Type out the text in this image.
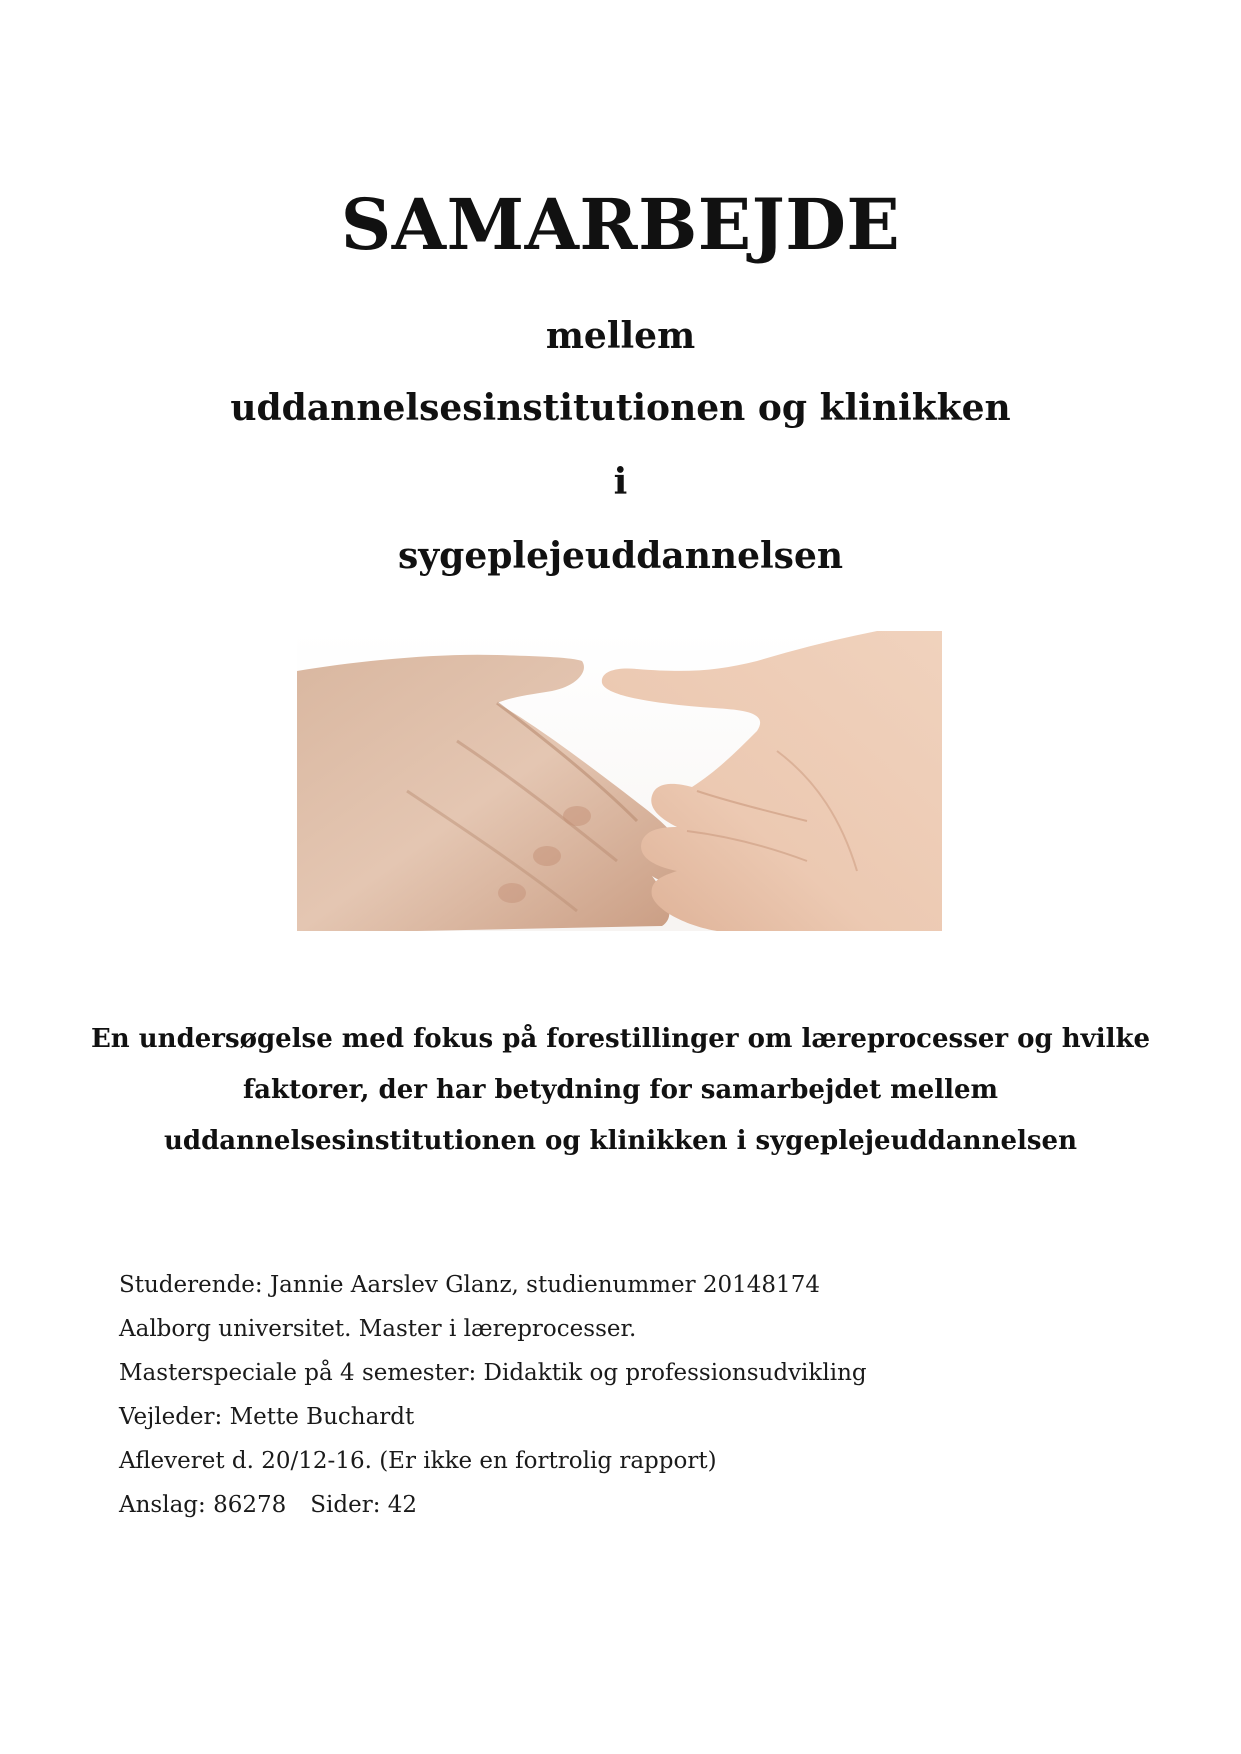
SAMARBEJDE
mellem
uddannelsesinstitutionen og klinikken
i
sygeplejeuddannelsen
En undersøgelse med fokus på forestillinger om læreprocesser og hvilke
faktorer, der har betydning for samarbejdet mellem
uddannelsesinstitutionen og klinikken i sygeplejeuddannelsen
Studerende: Jannie Aarslev Glanz, studienummer 20148174
Aalborg universitet. Master i læreprocesser.
Masterspeciale på 4 semester: Didaktik og professionsudvikling
Vejleder: Mette Buchardt
Afleveret d. 20/12-16. (Er ikke en fortrolig rapport)
Anslag: 86278 Sider: 42
